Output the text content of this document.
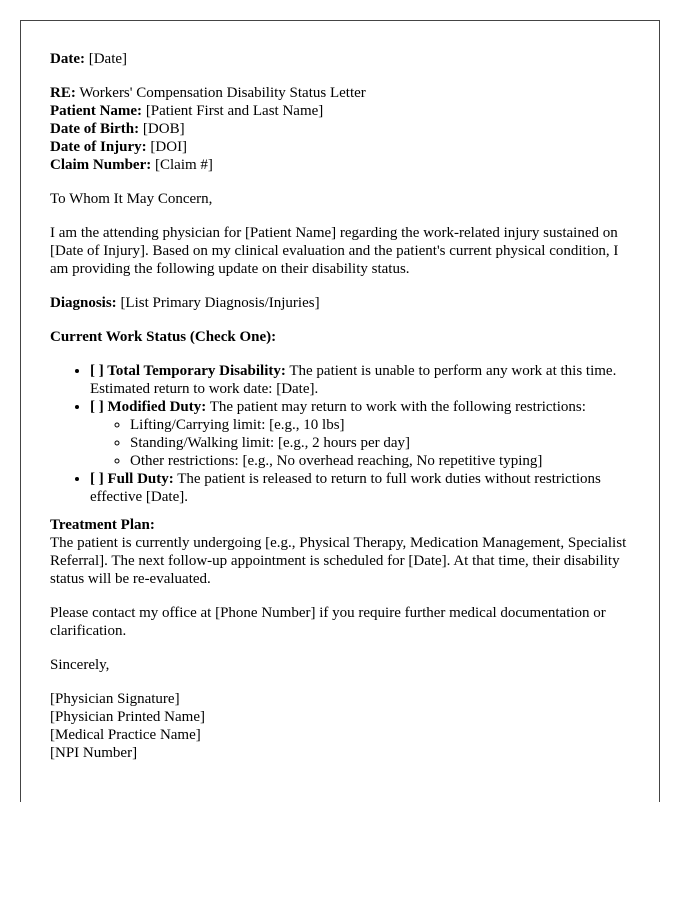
Date: [Date]

RE: Workers' Compensation Disability Status Letter
Patient Name: [Patient First and Last Name]
Date of Birth: [DOB]
Date of Injury: [DOI]
Claim Number: [Claim #]

To Whom It May Concern,

I am the attending physician for [Patient Name] regarding the work-related injury sustained on [Date of Injury]. Based on my clinical evaluation and the patient's current physical condition, I am providing the following update on their disability status.

Diagnosis: [List Primary Diagnosis/Injuries]

Current Work Status (Check One):

• [ ] Total Temporary Disability: The patient is unable to perform any work at this time. Estimated return to work date: [Date].
• [ ] Modified Duty: The patient may return to work with the following restrictions:
◦ Lifting/Carrying limit: [e.g., 10 lbs]
◦ Standing/Walking limit: [e.g., 2 hours per day]
◦ Other restrictions: [e.g., No overhead reaching, No repetitive typing]
• [ ] Full Duty: The patient is released to return to full work duties without restrictions effective [Date].

Treatment Plan:
The patient is currently undergoing [e.g., Physical Therapy, Medication Management, Specialist Referral]. The next follow-up appointment is scheduled for [Date]. At that time, their disability status will be re-evaluated.

Please contact my office at [Phone Number] if you require further medical documentation or clarification.

Sincerely,

[Physician Signature]
[Physician Printed Name]
[Medical Practice Name]
[NPI Number]
